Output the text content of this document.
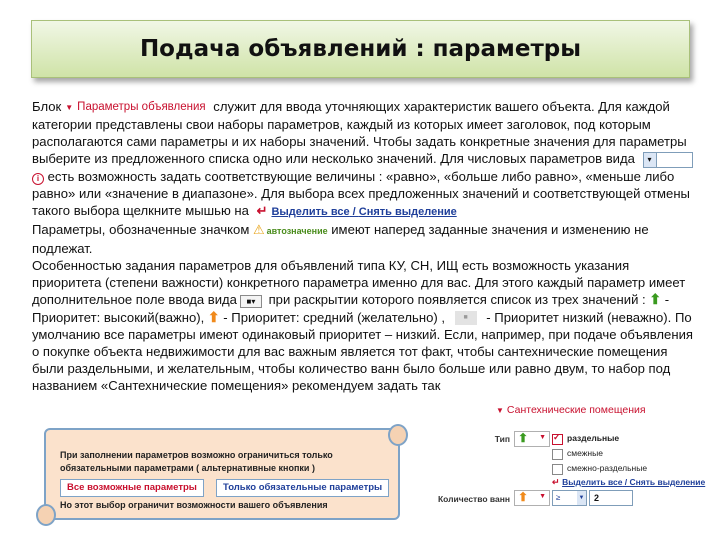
Подача объявлений : параметры

Блок ▼ Параметры объявления служит для ввода уточняющих характеристик вашего объекта. Для каждой категории представлены свои наборы параметров, каждый из которых имеет заголовок, под которым располагаются сами параметры и их наборы значений. Чтобы задать конкретные значения для параметры выберите из предложенного списка одно или несколько значений. Для числовых параметров вида	▾
i есть возможность задать соответствующие величины : «равно», «больше либо равно», «меньше либо равно» или «значение в диапазоне». Для выбора всех предложенных значений и соответствующей отмены такого выбора щелкните мышью на ↵ Выделить все / Снять выделение

Параметры, обозначенные значком ⚠ автозначение имеют наперед заданные значения и изменению не подлежат.

Особенностью задания параметров для объявлений типа КУ, СН, ИЩ есть возможность указания приоритета (степени важности) конкретного параметра именно для вас. Для этого каждый параметр имеет дополнительное поле ввода вида ■▾ при раскрытии которого появляется список из трех значений : ⬆ - Приоритет: высокий(важно), ⬆ - Приоритет: средний (желательно) ,	■ - Приоритет низкий (неважно). По умолчанию все параметры имеют одинаковый приоритет – низкий. Если, например, при подаче объявления о покупке объекта недвижимости для вас важным является тот факт, чтобы сантехнические помещения были раздельными, и желательным, чтобы количество ванн было больше или равно двум, то набор под названием «Сантехнические помещения» рекомендуем задать так

При заполнении параметров возможно ограничиться только
обязательными параметрами ( альтернативные кнопки )
Все возможные параметры	Только обязательные параметры
Но этот выбор ограничит возможности вашего объявления
▼ Сантехнические помещения
Тип ⬆ ▼
✓ раздельные
смежные
смежно-раздельные
↵ Выделить все / Снять выделение
Количество ванн ⬆ ▼	≥	▼	2
